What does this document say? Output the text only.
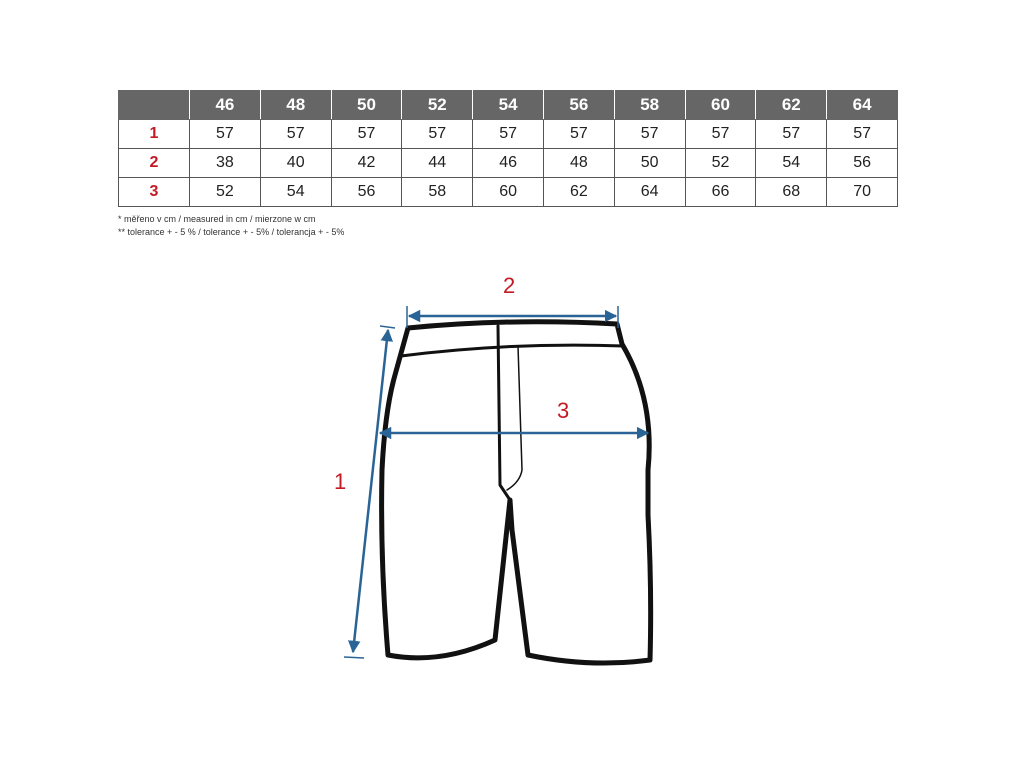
	46	48	50	52	54	56	58	60	62	64
1	57	57	57	57	57	57	57	57	57	57
2	38	40	42	44	46	48	50	52	54	56
3	52	54	56	58	60	62	64	66	68	70
* měřeno v cm / measured in cm / mierzone w cm
** tolerance + - 5 % / tolerance + - 5% / tolerancja + - 5%
1
2
3
